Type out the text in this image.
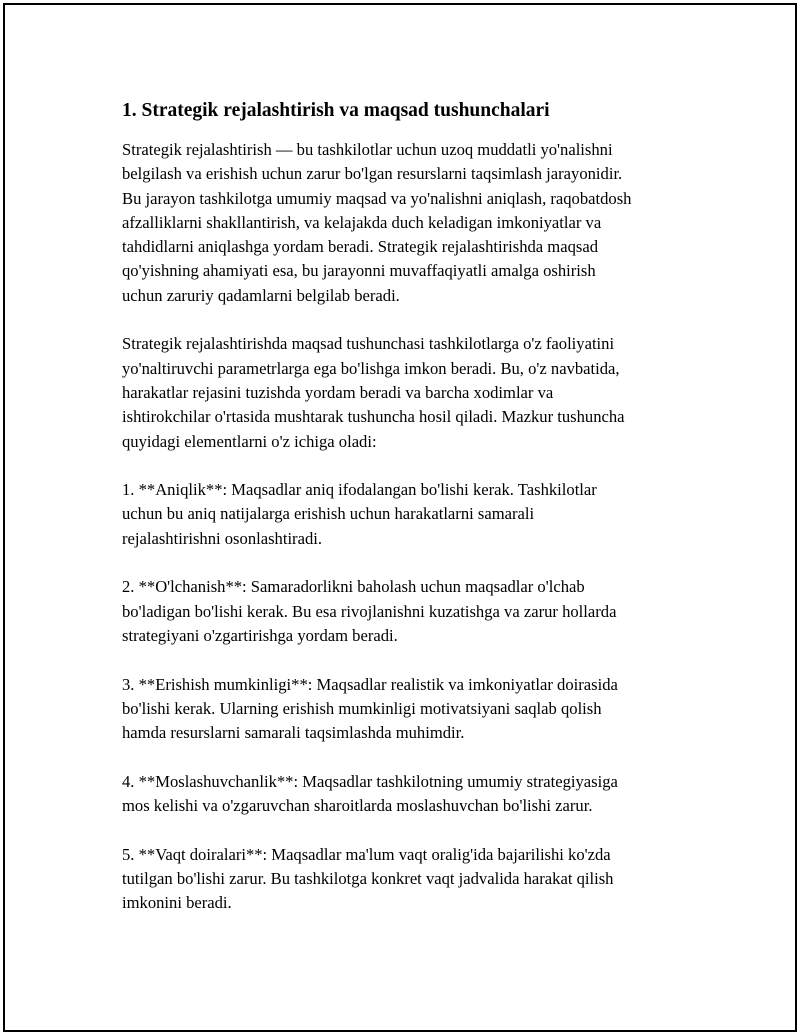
1. Strategik rejalashtirish va maqsad tushunchalari

Strategik rejalashtirish — bu tashkilotlar uchun uzoq muddatli yo'nalishni
belgilash va erishish uchun zarur bo'lgan resurslarni taqsimlash jarayonidir.
Bu jarayon tashkilotga umumiy maqsad va yo'nalishni aniqlash, raqobatdosh
afzalliklarni shakllantirish, va kelajakda duch keladigan imkoniyatlar va
tahdidlarni aniqlashga yordam beradi. Strategik rejalashtirishda maqsad
qo'yishning ahamiyati esa, bu jarayonni muvaffaqiyatli amalga oshirish
uchun zaruriy qadamlarni belgilab beradi.

Strategik rejalashtirishda maqsad tushunchasi tashkilotlarga o'z faoliyatini
yo'naltiruvchi parametrlarga ega bo'lishga imkon beradi. Bu, o'z navbatida,
harakatlar rejasini tuzishda yordam beradi va barcha xodimlar va
ishtirokchilar o'rtasida mushtarak tushuncha hosil qiladi. Mazkur tushuncha
quyidagi elementlarni o'z ichiga oladi:

1. **Aniqlik**: Maqsadlar aniq ifodalangan bo'lishi kerak. Tashkilotlar
uchun bu aniq natijalarga erishish uchun harakatlarni samarali
rejalashtirishni osonlashtiradi.

2. **O'lchanish**: Samaradorlikni baholash uchun maqsadlar o'lchab
bo'ladigan bo'lishi kerak. Bu esa rivojlanishni kuzatishga va zarur hollarda
strategiyani o'zgartirishga yordam beradi.

3. **Erishish mumkinligi**: Maqsadlar realistik va imkoniyatlar doirasida
bo'lishi kerak. Ularning erishish mumkinligi motivatsiyani saqlab qolish
hamda resurslarni samarali taqsimlashda muhimdir.

4. **Moslashuvchanlik**: Maqsadlar tashkilotning umumiy strategiyasiga
mos kelishi va o'zgaruvchan sharoitlarda moslashuvchan bo'lishi zarur.

5. **Vaqt doiralari**: Maqsadlar ma'lum vaqt oralig'ida bajarilishi ko'zda
tutilgan bo'lishi zarur. Bu tashkilotga konkret vaqt jadvalida harakat qilish
imkonini beradi.
